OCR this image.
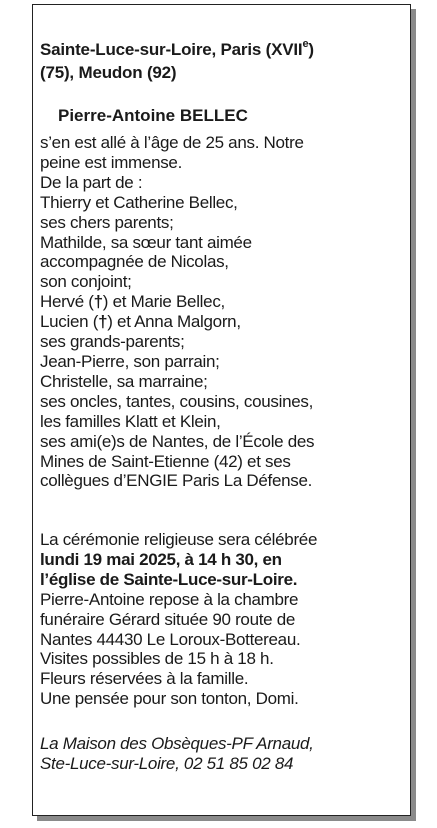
Sainte-Luce-sur-Loire, Paris (XVIIe)
(75), Meudon (92)
Pierre-Antoine BELLEC
s’en est allé à l’âge de 25 ans. Notre
peine est immense.
De la part de :
Thierry et Catherine Bellec,
ses chers parents;
Mathilde, sa sœur tant aimée
accompagnée de Nicolas,
son conjoint;
Hervé (†) et Marie Bellec,
Lucien (†) et Anna Malgorn,
ses grands-parents;
Jean-Pierre, son parrain;
Christelle, sa marraine;
ses oncles, tantes, cousins, cousines,
les familles Klatt et Klein,
ses ami(e)s de Nantes, de l’École des
Mines de Saint-Etienne (42) et ses
collègues d’ENGIE Paris La Défense.
La cérémonie religieuse sera célébrée
lundi 19 mai 2025, à 14 h 30, en
l’église de Sainte-Luce-sur-Loire.
Pierre-Antoine repose à la chambre
funéraire Gérard située 90 route de
Nantes 44430 Le Loroux-Bottereau.
Visites possibles de 15 h à 18 h.
Fleurs réservées à la famille.
Une pensée pour son tonton, Domi.
La Maison des Obsèques-PF Arnaud,
Ste-Luce-sur-Loire, 02 51 85 02 84
